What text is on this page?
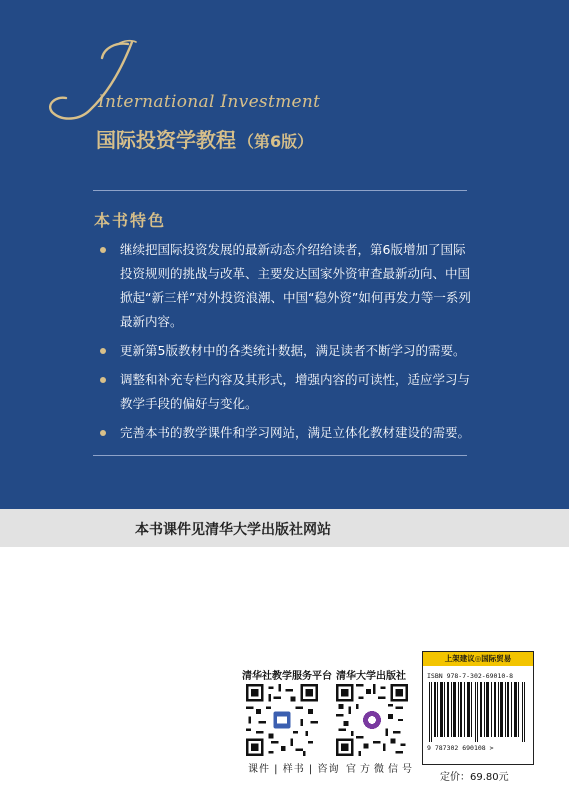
International Investment
国际投资学教程 （第6版）
本书特色
继续把国际投资发展的最新动态介绍给读者，第6版增加了国际投资规则的挑战与改革、主要发达国家外资审查最新动向、中国掀起“新三样”对外投资浪潮、中国“稳外资”如何再发力等一系列最新内容。
更新第5版教材中的各类统计数据，满足读者不断学习的需要。
调整和补充专栏内容及其形式，增强内容的可读性，适应学习与教学手段的偏好与变化。
完善本书的教学课件和学习网站，满足立体化教材建设的需要。
本书课件见清华大学出版社网站
清华社教学服务平台
课件 | 样书 | 咨询
清华大学出版社
官方微信号
上架建议◎国际贸易
ISBN 978-7-302-69010-8
9 787302 690108 >
定价：69.80元
